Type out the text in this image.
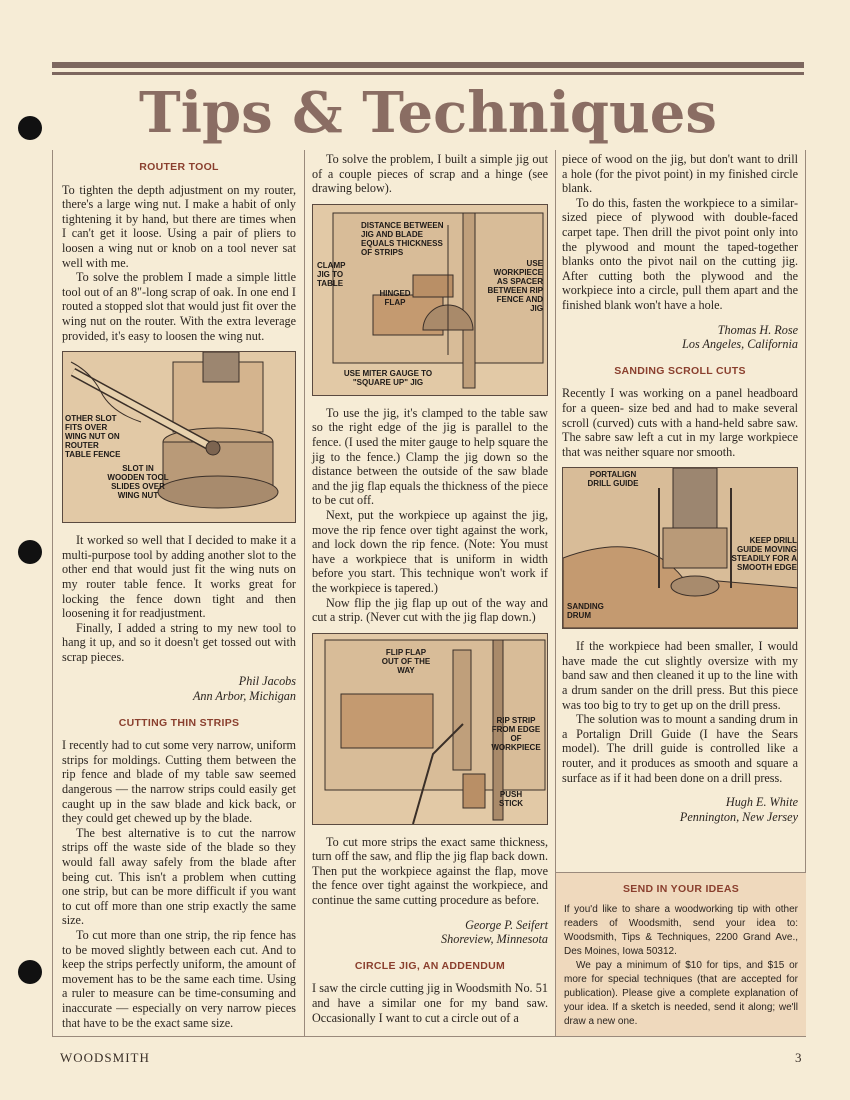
Tips & Techniques
ROUTER TOOL

To tighten the depth adjustment on my router, there's a large wing nut. I make a habit of only tightening it by hand, but there are times when I can't get it loose. Using a pair of pliers to loosen a wing nut or knob on a tool never sat well with me.

To solve the problem I made a simple little tool out of an 8"-long scrap of oak. In one end I routed a stopped slot that would just fit over the wing nut on the router. With the extra leverage provided, it's easy to loosen the wing nut.

OTHER SLOT FITS OVER WING NUT ON ROUTER TABLE FENCE
SLOT IN WOODEN TOOL SLIDES OVER WING NUT

It worked so well that I decided to make it a multi-purpose tool by adding another slot to the other end that would just fit the wing nuts on my router table fence. It works great for locking the fence down tight and then loosening it for readjustment.

Finally, I added a string to my new tool to hang it up, and so it doesn't get tossed out with scrap pieces.

Phil Jacobs

Ann Arbor, Michigan

CUTTING THIN STRIPS

I recently had to cut some very narrow, uniform strips for moldings. Cutting them between the rip fence and blade of my table saw seemed dangerous — the narrow strips could easily get caught up in the saw blade and kick back, or they could get chewed up by the blade.

The best alternative is to cut the narrow strips off the waste side of the blade so they would fall away safely from the blade after being cut. This isn't a problem when cutting one strip, but can be more difficult if you want to cut off more than one strip exactly the same size.

To cut more than one strip, the rip fence has to be moved slightly between each cut. And to keep the strips perfectly uniform, the amount of movement has to be the same each time. Using a ruler to measure can be time-consuming and inaccurate — especially on very narrow pieces that have to be the exact same size.

To solve the problem, I built a simple jig out of a couple pieces of scrap and a hinge (see drawing below).

DISTANCE BETWEEN JIG AND BLADE EQUALS THICKNESS OF STRIPS
CLAMP JIG TO TABLE
HINGED FLAP
USE WORKPIECE AS SPACER BETWEEN RIP FENCE AND JIG
USE MITER GAUGE TO "SQUARE UP" JIG

To use the jig, it's clamped to the table saw so the right edge of the jig is parallel to the fence. (I used the miter gauge to help square the jig to the fence.) Clamp the jig down so the distance between the outside of the saw blade and the jig flap equals the thickness of the piece to be cut off.

Next, put the workpiece up against the jig, move the rip fence over tight against the work, and lock down the rip fence. (Note: You must have a workpiece that is uniform in width before you start. This technique won't work if the workpiece is tapered.)

Now flip the jig flap up out of the way and cut a strip. (Never cut with the jig flap down.)

FLIP FLAP OUT OF THE WAY
RIP STRIP FROM EDGE OF WORKPIECE
PUSH STICK

To cut more strips the exact same thickness, turn off the saw, and flip the jig flap back down. Then put the workpiece against the flap, move the fence over tight against the workpiece, and continue the same cutting procedure as before.

George P. Seifert

Shoreview, Minnesota

CIRCLE JIG, AN ADDENDUM

I saw the circle cutting jig in Woodsmith No. 51 and have a similar one for my band saw. Occasionally I want to cut a circle out of a

piece of wood on the jig, but don't want to drill a hole (for the pivot point) in my finished circle blank.

To do this, fasten the workpiece to a similar-sized piece of plywood with double-faced carpet tape. Then drill the pivot point only into the plywood and mount the taped-together blanks onto the pivot nail on the cutting jig. After cutting both the plywood and the workpiece into a circle, pull them apart and the finished blank won't have a hole.

Thomas H. Rose

Los Angeles, California

SANDING SCROLL CUTS

Recently I was working on a panel headboard for a queen- size bed and had to make several scroll (curved) cuts with a hand-held sabre saw. The sabre saw left a cut in my large workpiece that was neither square nor smooth.

PORTALIGN DRILL GUIDE
KEEP DRILL GUIDE MOVING STEADILY FOR A SMOOTH EDGE
SANDING DRUM

If the workpiece had been smaller, I would have made the cut slightly oversize with my band saw and then cleaned it up to the line with a drum sander on the drill press. But this piece was too big to try to get up on the drill press.

The solution was to mount a sanding drum in a Portalign Drill Guide (I have the Sears model). The drill guide is controlled like a router, and it produces as smooth and square a surface as if it had been done on a drill press.

Hugh E. White

Pennington, New Jersey

SEND IN YOUR IDEAS

If you'd like to share a woodworking tip with other readers of Woodsmith, send your idea to: Woodsmith, Tips & Techniques, 2200 Grand Ave., Des Moines, Iowa 50312.

We pay a minimum of $10 for tips, and $15 or more for special techniques (that are accepted for publication). Please give a complete explanation of your idea. If a sketch is needed, send it along; we'll draw a new one.

WOODSMITH	3
